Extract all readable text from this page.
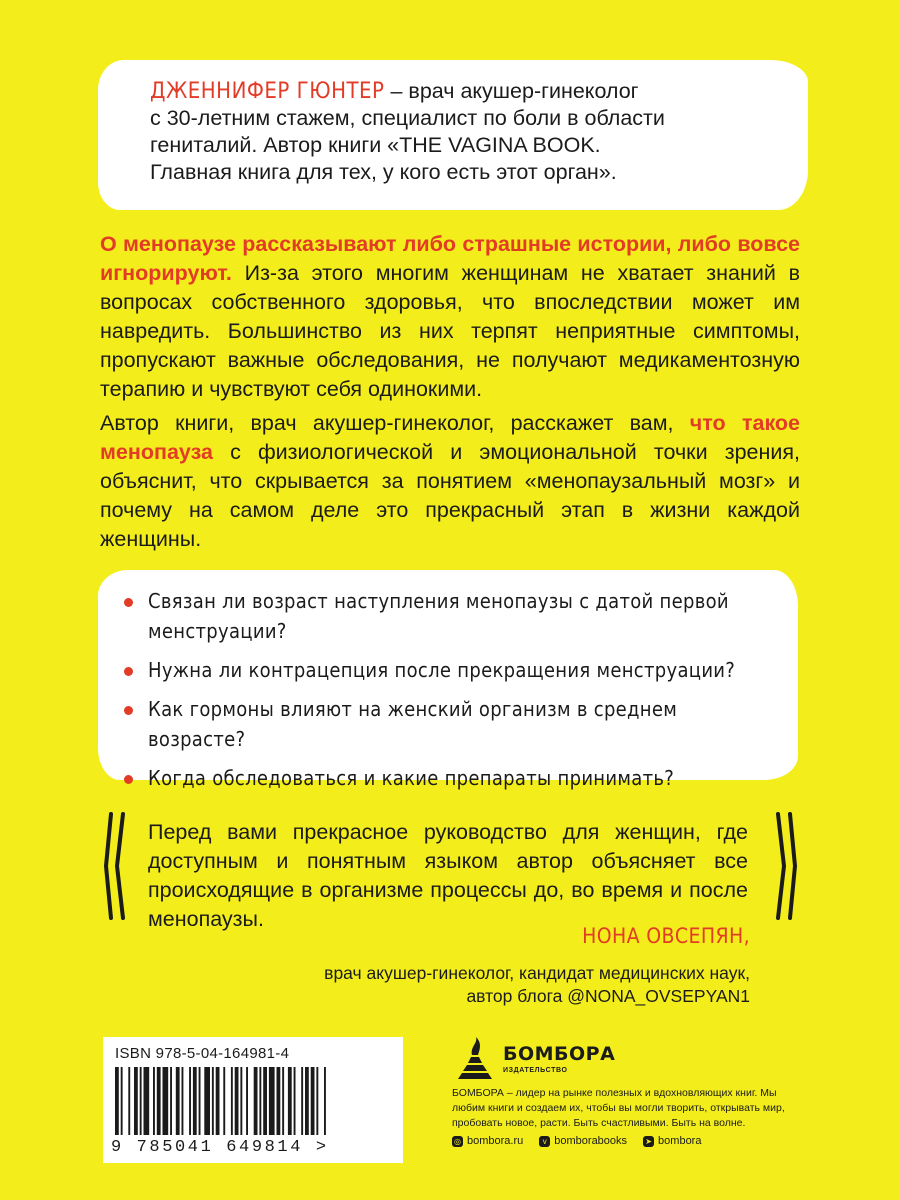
ДЖЕННИФЕР ГЮНТЕР – врач акушер-гинеколог
с 30-летним стажем, специалист по боли в области
гениталий. Автор книги «THE VAGINA BOOK.
Главная книга для тех, у кого есть этот орган».

О менопаузе рассказывают либо страшные истории, либо вовсе игнорируют. Из-за этого многим женщинам не хватает знаний в вопросах собственного здоровья, что впоследствии может им навредить. Большинство из них терпят неприятные симптомы, пропускают важные обследования, не получают медикаментозную терапию и чувствуют себя одинокими.

Автор книги, врач акушер-гинеколог, расскажет вам, что такое менопауза с физиологической и эмоциональной точки зрения, объяснит, что скрывается за понятием «менопаузальный мозг» и почему на самом деле это прекрасный этап в жизни каждой женщины.

Связан ли возраст наступления менопаузы с датой первой менструации?
Нужна ли контрацепция после прекращения менструации?
Как гормоны влияют на женский организм в среднем возрасте?
Когда обследоваться и какие препараты принимать?
Перед вами прекрасное руководство для женщин, где доступным и понятным языком автор объясняет все происходящие в организме процессы до, во время и после менопаузы.
НОНА ОВСЕПЯН,
врач акушер-гинеколог, кандидат медицинских наук,
автор блога @NONA_OVSEPYAN1
ISBN 978-5-04-164981-4
9 785041 649814 >
БОМБОРА
ИЗДАТЕЛЬСТВО
БОМБОРА – лидер на рынке полезных и вдохновляющих книг. Мы любим книги и создаем их, чтобы вы могли творить, открывать мир, пробовать новое, расти. Быть счастливыми. Быть на волне.
◎ bombora.ru	v bomborabooks ➤ bombora
